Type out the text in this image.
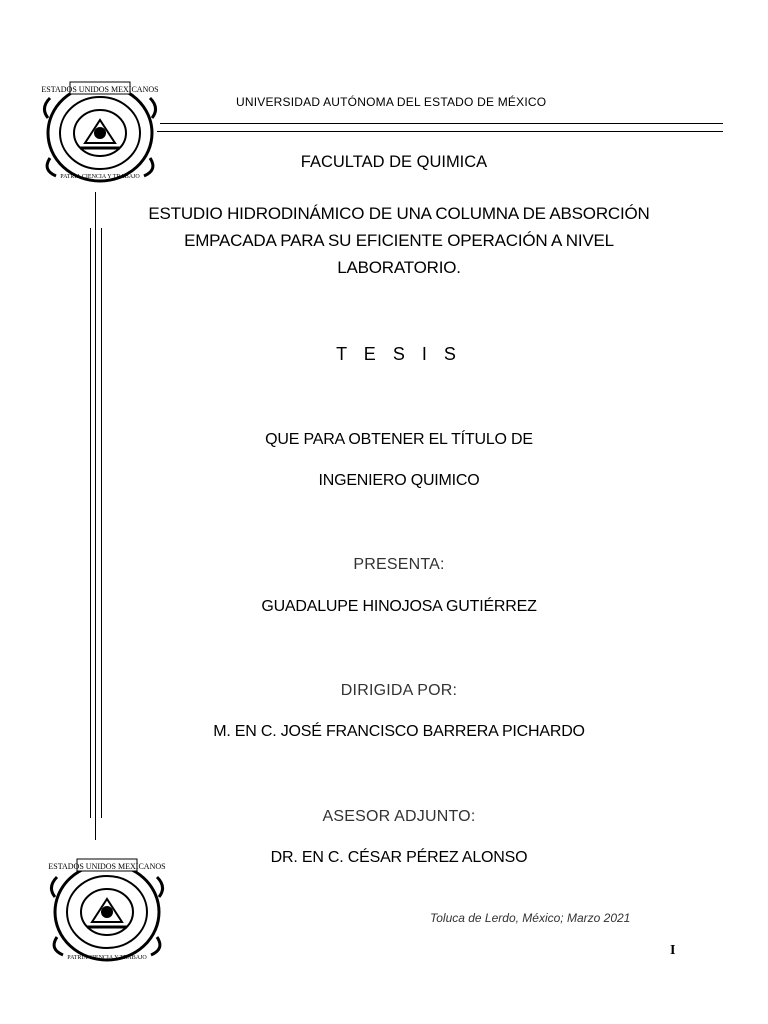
ESTADOS UNIDOS MEXICANOS
PATRIA CIENCIA Y TRABAJO
UNIVERSIDAD AUTÓNOMA DEL ESTADO DE MÉXICO
FACULTAD DE QUIMICA
ESTUDIO HIDRODINÁMICO DE UNA COLUMNA DE ABSORCIÓN
EMPACADA PARA SU EFICIENTE OPERACIÓN A NIVEL
LABORATORIO.
T E S I S
QUE PARA OBTENER EL TÍTULO DE
INGENIERO QUIMICO
PRESENTA:
GUADALUPE HINOJOSA GUTIÉRREZ
DIRIGIDA POR:
M. EN C. JOSÉ FRANCISCO BARRERA PICHARDO
ASESOR ADJUNTO:
DR. EN C. CÉSAR PÉREZ ALONSO
ESTADOS UNIDOS MEXICANOS
PATRIA CIENCIA Y TRABAJO
Toluca de Lerdo, México; Marzo 2021
I
